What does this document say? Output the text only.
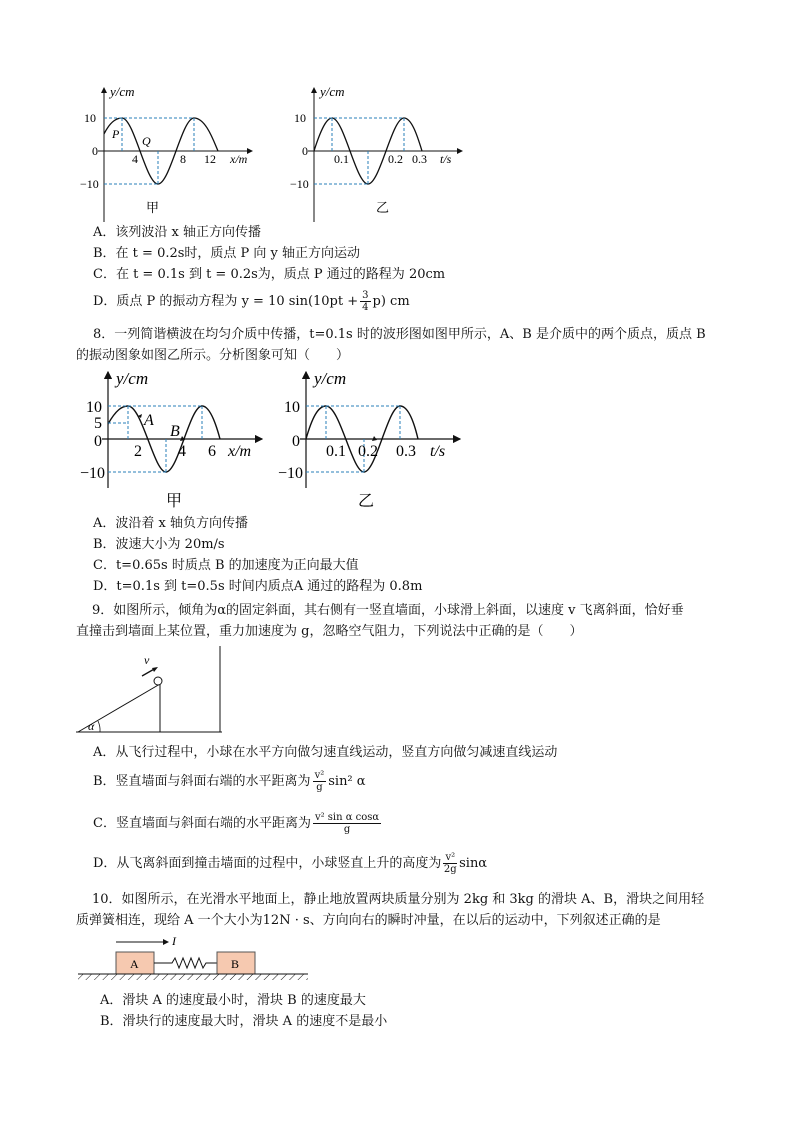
y/cm
10
0
−10
4	8 12 x/m
P Q
甲
y/cm
10
0
−10
0.1	0.2 0.3 t/s
乙
A．该列波沿 x 轴正方向传播
B．在 t = 0.2s时，质点 P 向 y 轴正方向运动
C．在 t = 0.1s 到 t = 0.2s为，质点 P 通过的路程为 20cm
D．质点 P 的振动方程为 y = 10 $\sin(10pt + \frac{3}{4} p)$ cm
8．一列简谐横波在均匀介质中传播，t=0.1s 时的波形图如图甲所示，A、B 是介质中的两个质点，质点 B
的振动图象如图乙所示。分析图象可知（　　）
y/cm
10
5
0
−10
2 4 6 x/m
A
B
甲
y/cm
10
0
−10
0.1 0.2 0.3 t/s
乙
A．波沿着 x 轴负方向传播
B．波速大小为 20m/s
C．t=0.65s 时质点 B 的加速度为正向最大值
D．t=0.1s 到 t=0.5s 时间内质点A 通过的路程为 0.8m
9．如图所示，倾角为α的固定斜面，其右侧有一竖直墙面，小球滑上斜面，以速度 v 飞离斜面，恰好垂
直撞击到墙面上某位置，重力加速度为 g，忽略空气阻力，下列说法中正确的是（　　）
v
α
A．从飞行过程中，小球在水平方向做匀速直线运动，竖直方向做匀减速直线运动
B．竖直墙面与斜面右端的水平距离为 $\frac{\text{v²}}{g} \sin^2$ α
C．竖直墙面与斜面右端的水平距离为 $\frac{\text{v² sin α cosα}}{g}$
D．从飞离斜面到撞击墙面的过程中，小球竖直上升的高度为 $\frac{\text{v²}}{2g}$ sinα
10．如图所示，在光滑水平地面上，静止地放置两块质量分别为 2kg 和 3kg 的滑块 A、B，滑块之间用轻
质弹簧相连，现给 A 一个大小为12N · s、方向向右的瞬时冲量，在以后的运动中，下列叙述正确的是
I
A	B
A．滑块 A 的速度最小时，滑块 B 的速度最大
B．滑块行的速度最大时，滑块 A 的速度不是最小
